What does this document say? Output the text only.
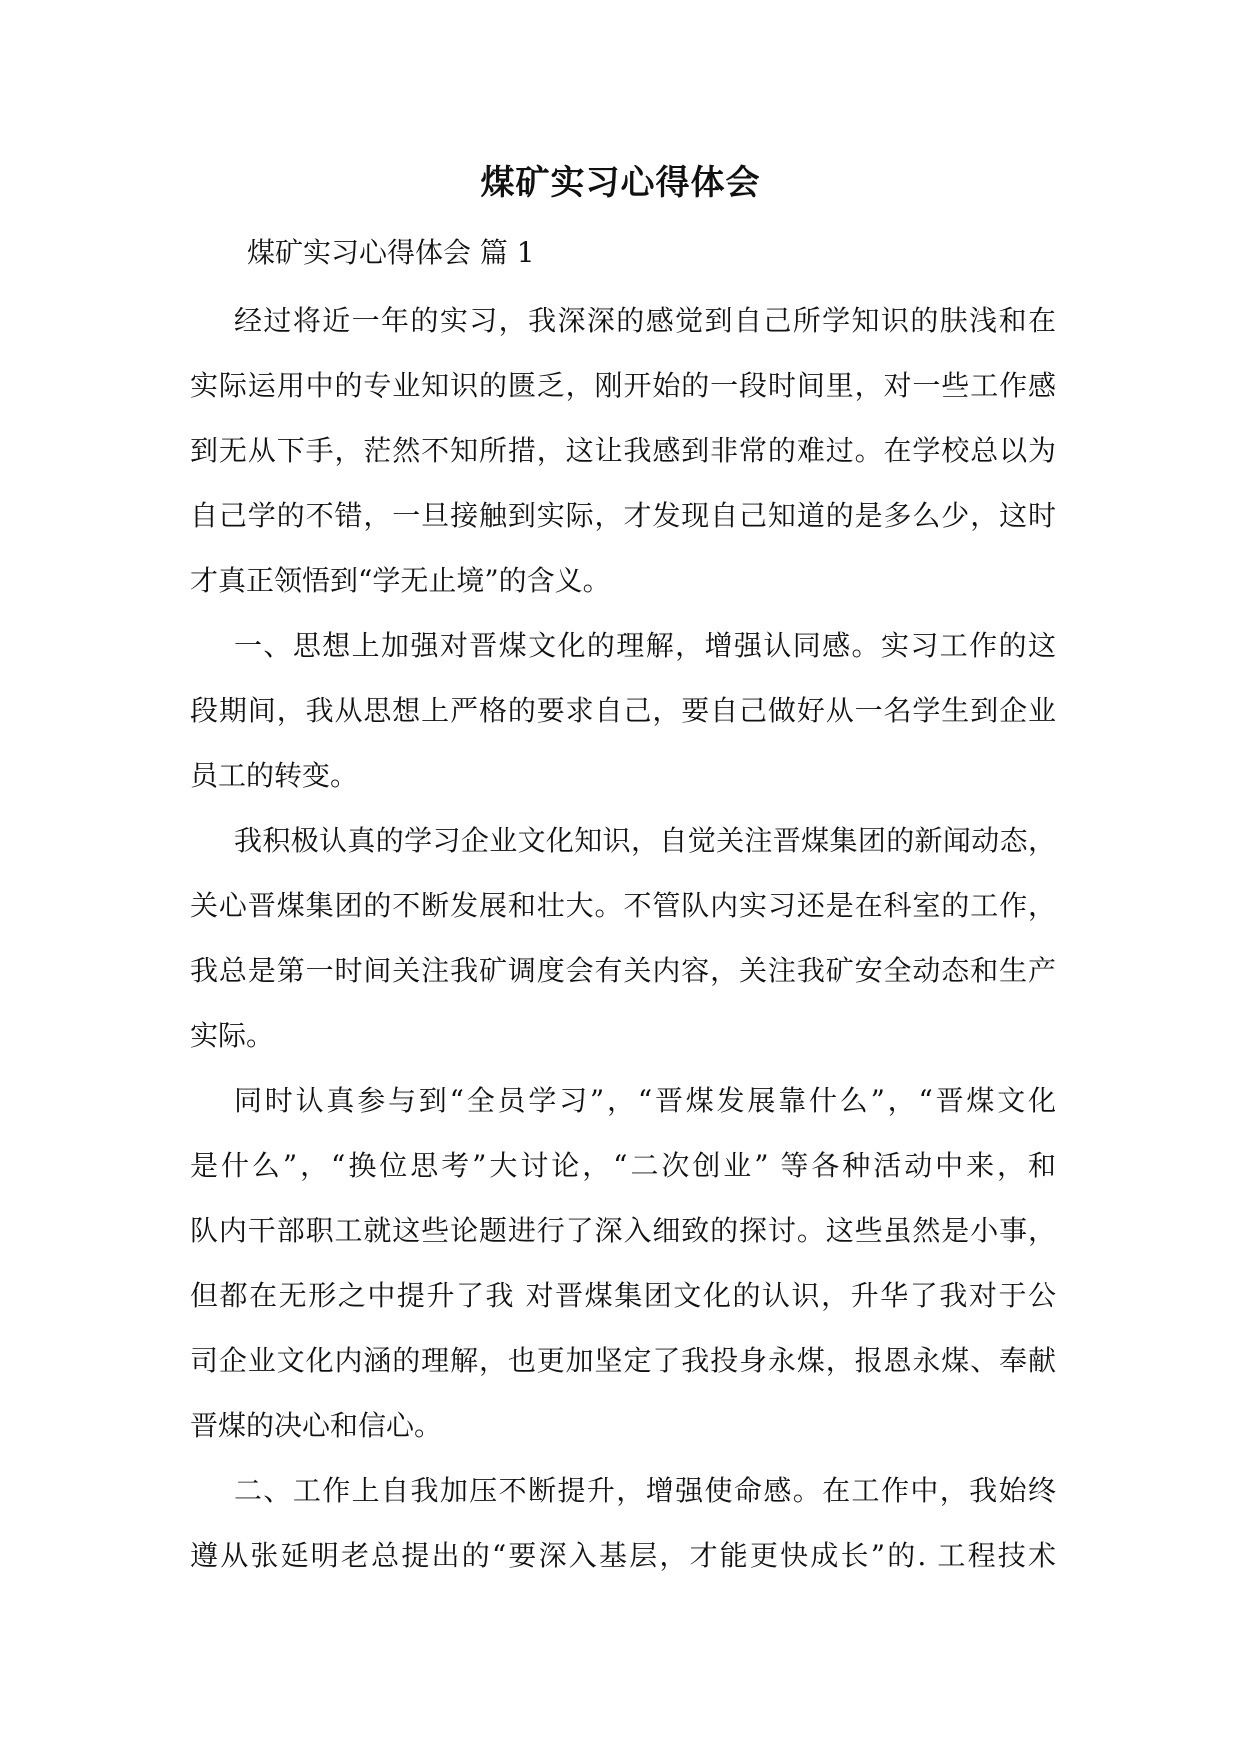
煤矿实习心得体会
煤矿实习心得体会 篇 1
经过将近一年的实习，我深深的感觉到自己所学知识的肤浅和在
实际运用中的专业知识的匮乏，刚开始的一段时间里，对一些工作感
到无从下手，茫然不知所措，这让我感到非常的难过。在学校总以为
自己学的不错，一旦接触到实际，才发现自己知道的是多么少，这时
才真正领悟到“学无止境”的含义。
一、思想上加强对晋煤文化的理解，增强认同感。实习工作的这
段期间，我从思想上严格的要求自己，要自己做好从一名学生到企业
员工的转变。
我积极认真的学习企业文化知识，自觉关注晋煤集团的新闻动态，
关心晋煤集团的不断发展和壮大。不管队内实习还是在科室的工作，
我总是第一时间关注我矿调度会有关内容，关注我矿安全动态和生产
实际。
同时认真参与到“全员学习”，“晋煤发展靠什么”，“晋煤文化
是什么”，“换位思考”大讨论，“二次创业” 等各种活动中来，和
队内干部职工就这些论题进行了深入细致的探讨。这些虽然是小事，
但都在无形之中提升了我 对晋煤集团文化的认识，升华了我对于公
司企业文化内涵的理解，也更加坚定了我投身永煤，报恩永煤、奉献
晋煤的决心和信心。
二、工作上自我加压不断提升，增强使命感。在工作中，我始终
遵从张延明老总提出的“要深入基层，才能更快成长”的. 工程技术
